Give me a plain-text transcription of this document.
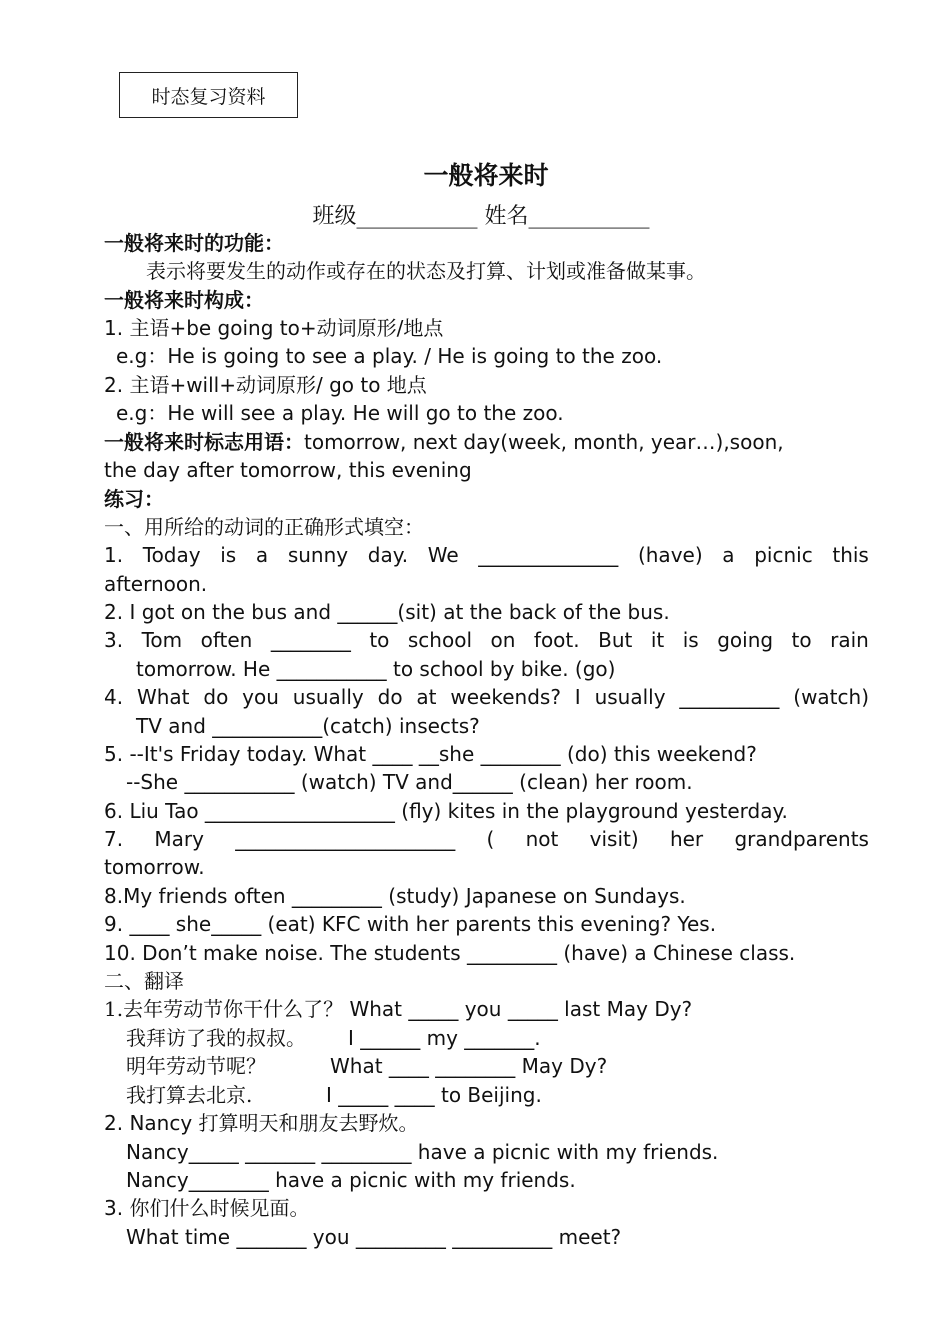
时态复习资料
一般将来时
班级___________ 姓名___________
一般将来时的功能：
表示将要发生的动作或存在的状态及打算、计划或准备做某事。
一般将来时构成：
1. 主语+be going to+动词原形/地点
e.g：He is going to see a play. / He is going to the zoo.
2. 主语+will+动词原形/ go to 地点
e.g：He will see a play. He will go to the zoo.
一般将来时标志用语：tomorrow, next day(week, month, year…),soon,
the day after tomorrow, this evening
练习：
一、用所给的动词的正确形式填空：
1. Today is a sunny day. We ______________ (have) a picnic this
afternoon.
2. I got on the bus and ______(sit) at the back of the bus.
3. Tom often ________ to school on foot. But it is going to rain
tomorrow. He ___________ to school by bike. (go)
4. What do you usually do at weekends? I usually __________ (watch)
TV and ___________(catch) insects?
5. --It's Friday today. What ____ __she ________ (do) this weekend?
--She ___________ (watch) TV and______ (clean) her room.
6. Liu Tao ___________________ (fly) kites in the playground yesterday.
7. Mary ______________________ ( not visit) her grandparents
tomorrow.
8.My friends often _________ (study) Japanese on Sundays.
9. ____ she_____ (eat) KFC with her parents this evening? Yes.
10. Don’t make noise. The students _________ (have) a Chinese class.
二、翻译
1.去年劳动节你干什么了？ What _____ you _____ last May Dy?
我拜访了我的叔叔。 I ______ my _______.
明年劳动节呢？	What ____ ________ May Dy?
我打算去北京.	I _____ ____ to Beijing.
2. Nancy 打算明天和朋友去野炊。
Nancy_____ _______ _________ have a picnic with my friends.
Nancy________ have a picnic with my friends.
3. 你们什么时候见面。
What time _______ you _________ __________ meet?
